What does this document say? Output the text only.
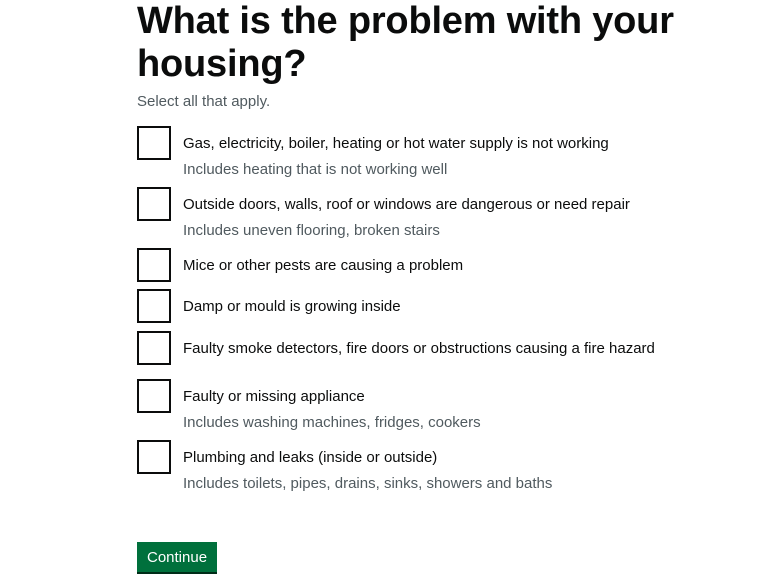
What is the problem with your housing?
Select all that apply.
Gas, electricity, boiler, heating or hot water supply is not working
Includes heating that is not working well
Outside doors, walls, roof or windows are dangerous or need repair
Includes uneven flooring, broken stairs
Mice or other pests are causing a problem
Damp or mould is growing inside
Faulty smoke detectors, fire doors or obstructions causing a fire hazard
Faulty or missing appliance
Includes washing machines, fridges, cookers
Plumbing and leaks (inside or outside)
Includes toilets, pipes, drains, sinks, showers and baths
Continue
